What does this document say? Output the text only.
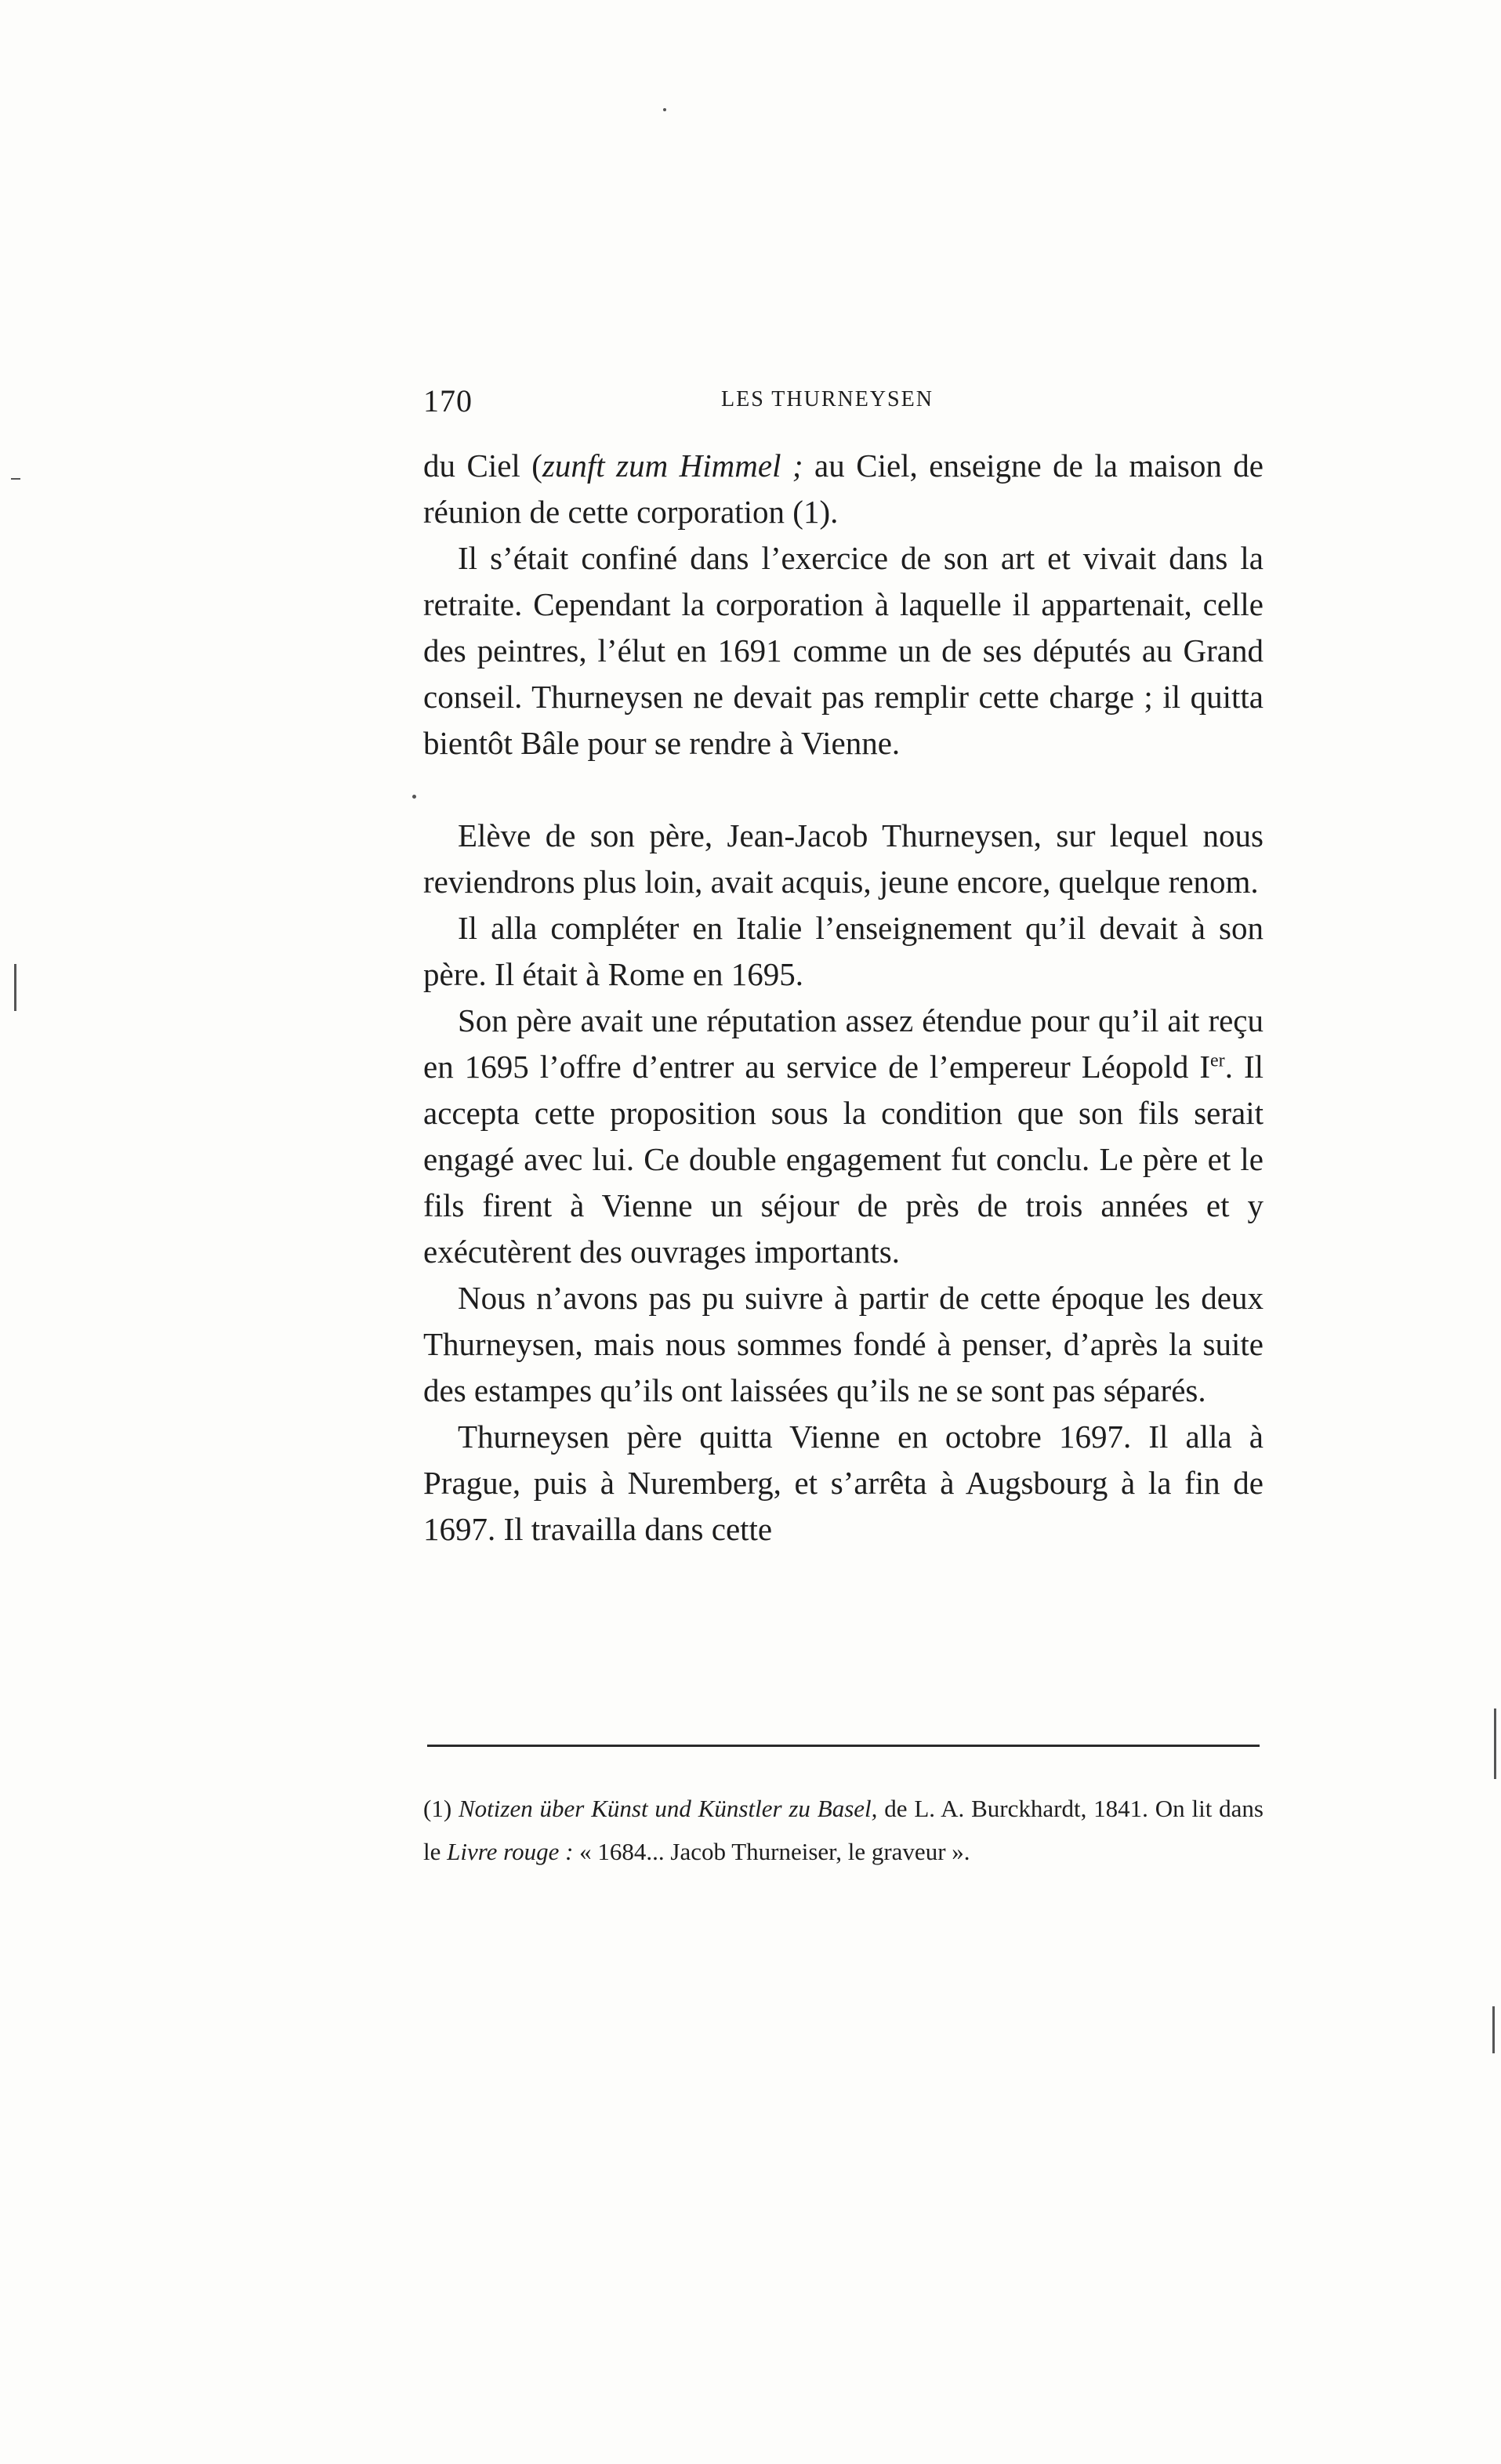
170	LES THURNEYSEN

du Ciel (zunft zum Himmel ; au Ciel, enseigne de la maison de réunion de cette corporation (1).

Il s’était confiné dans l’exercice de son art et vivait dans la retraite. Cependant la corporation à laquelle il appartenait, celle des peintres, l’élut en 1691 comme un de ses députés au Grand conseil. Thurneysen ne devait pas remplir cette charge ; il quitta bientôt Bâle pour se rendre à Vienne.

Elève de son père, Jean-Jacob Thurneysen, sur lequel nous reviendrons plus loin, avait acquis, jeune encore, quelque renom.

Il alla compléter en Italie l’enseignement qu’il devait à son père. Il était à Rome en 1695.

Son père avait une réputation assez étendue pour qu’il ait reçu en 1695 l’offre d’entrer au service de l’empereur Léopold Ier. Il accepta cette proposition sous la condition que son fils serait engagé avec lui. Ce double engagement fut conclu. Le père et le fils firent à Vienne un séjour de près de trois années et y exécutèrent des ouvrages importants.

Nous n’avons pas pu suivre à partir de cette époque les deux Thurneysen, mais nous sommes fondé à penser, d’après la suite des estampes qu’ils ont laissées qu’ils ne se sont pas séparés.

Thurneysen père quitta Vienne en octobre 1697. Il alla à Prague, puis à Nuremberg, et s’arrêta à Augsbourg à la fin de 1697. Il travailla dans cette

(1) Notizen über Künst und Künstler zu Basel, de L. A. Burckhardt, 1841. On lit dans le Livre rouge : « 1684... Jacob Thurneiser, le graveur ».
